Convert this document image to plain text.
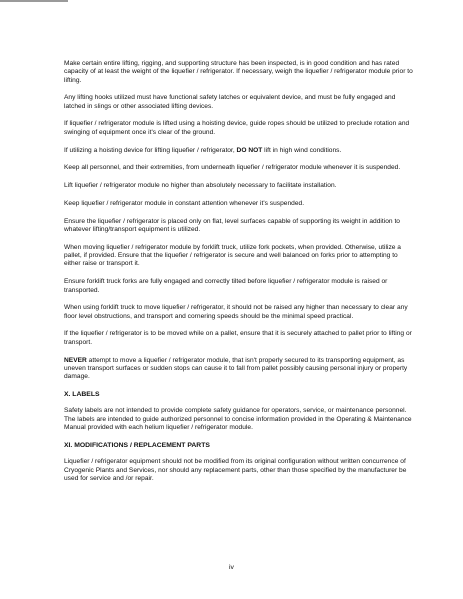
Make certain entire lifting, rigging, and supporting structure has been inspected, is in good condition and has rated capacity of at least the weight of the liquefier / refrigerator. If necessary, weigh the liquefier / refrigerator module prior to lifting.

Any lifting hooks utilized must have functional safety latches or equivalent device, and must be fully engaged and latched in slings or other associated lifting devices.

If liquefier / refrigerator module is lifted using a hoisting device, guide ropes should be utilized to preclude rotation and swinging of equipment once it's clear of the ground.

If utilizing a hoisting device for lifting liquefier / refrigerator, DO NOT lift in high wind conditions.

Keep all personnel, and their extremities, from underneath liquefier / refrigerator module whenever it is suspended.

Lift liquefier / refrigerator module no higher than absolutely necessary to facilitate installation.

Keep liquefier / refrigerator module in constant attention whenever it's suspended.

Ensure the liquefier / refrigerator is placed only on flat, level surfaces capable of supporting its weight in addition to whatever lifting/transport equipment is utilized.

When moving liquefier / refrigerator module by forklift truck, utilize fork pockets, when provided. Otherwise, utilize a pallet, if provided. Ensure that the liquefier / refrigerator is secure and well balanced on forks prior to attempting to either raise or transport it.

Ensure forklift truck forks are fully engaged and correctly tilted before liquefier / refrigerator module is raised or transported.

When using forklift truck to move liquefier / refrigerator, it should not be raised any higher than necessary to clear any floor level obstructions, and transport and cornering speeds should be the minimal speed practical.

If the liquefier / refrigerator is to be moved while on a pallet, ensure that it is securely attached to pallet prior to lifting or transport.

NEVER attempt to move a liquefier / refrigerator module, that isn't properly secured to its transporting equipment, as uneven transport surfaces or sudden stops can cause it to fall from pallet possibly causing personal injury or property damage.

X. LABELS

Safety labels are not intended to provide complete safety guidance for operators, service, or maintenance personnel. The labels are intended to guide authorized personnel to concise information provided in the Operating & Maintenance Manual provided with each helium liquefier / refrigerator module.

XI. MODIFICATIONS / REPLACEMENT PARTS

Liquefier / refrigerator equipment should not be modified from its original configuration without written concurrence of Cryogenic Plants and Services, nor should any replacement parts, other than those specified by the manufacturer be used for service and /or repair.

iv
